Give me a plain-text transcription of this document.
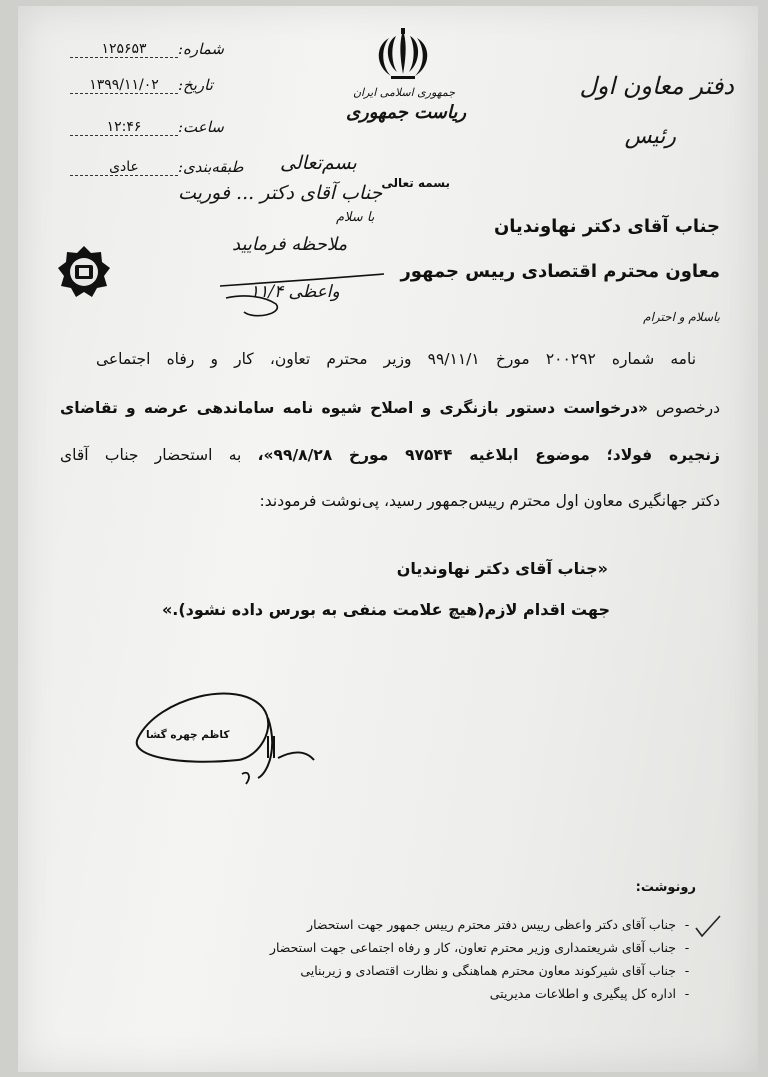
شماره:
۱۲۵۶۵۳
تاریخ:
۱۳۹۹/۱۱/۰۲
ساعت:
۱۲:۴۶
طبقه‌بندی:
عادی
جمهوری اسلامی ایران
ریاست جمهوری
دفتر معاون اول
رئیس
بسمه تعالی
بسم‌تعالی
جناب آقای دکتر ... فوریت
با سلام
ملاحظه فرمایید
واعظی ۱۱/۴
جناب آقای دکتر نهاوندیان
معاون محترم اقتصادی رییس جمهور
باسلام و احترام
نامه شماره ۲۰۰۲۹۲ مورخ ۹۹/۱۱/۱ وزیر محترم تعاون، کار و رفاه اجتماعی
درخصوص «درخواست دستور بازنگری و اصلاح شیوه نامه ساماندهی عرضه و تقاضای
زنجیره فولاد؛ موضوع ابلاغیه ۹۷۵۴۴ مورخ ۹۹/۸/۲۸»، به استحضار جناب آقای
دکتر جهانگیری معاون اول محترم رییس‌جمهور رسید، پی‌نوشت فرمودند:
«جناب آقای دکتر نهاوندیان
جهت اقدام لازم(هیچ علامت منفی به بورس داده نشود).»
کاظم چهره گشا
رونوشت:
-
جناب آقای دکتر واعظی رییس دفتر محترم رییس جمهور جهت استحضار
-
جناب آقای شریعتمداری وزیر محترم تعاون، کار و رفاه اجتماعی جهت استحضار
-
جناب آقای شیرکوند معاون محترم هماهنگی و نظارت اقتصادی و زیربنایی
-
اداره کل پیگیری و اطلاعات مدیریتی
